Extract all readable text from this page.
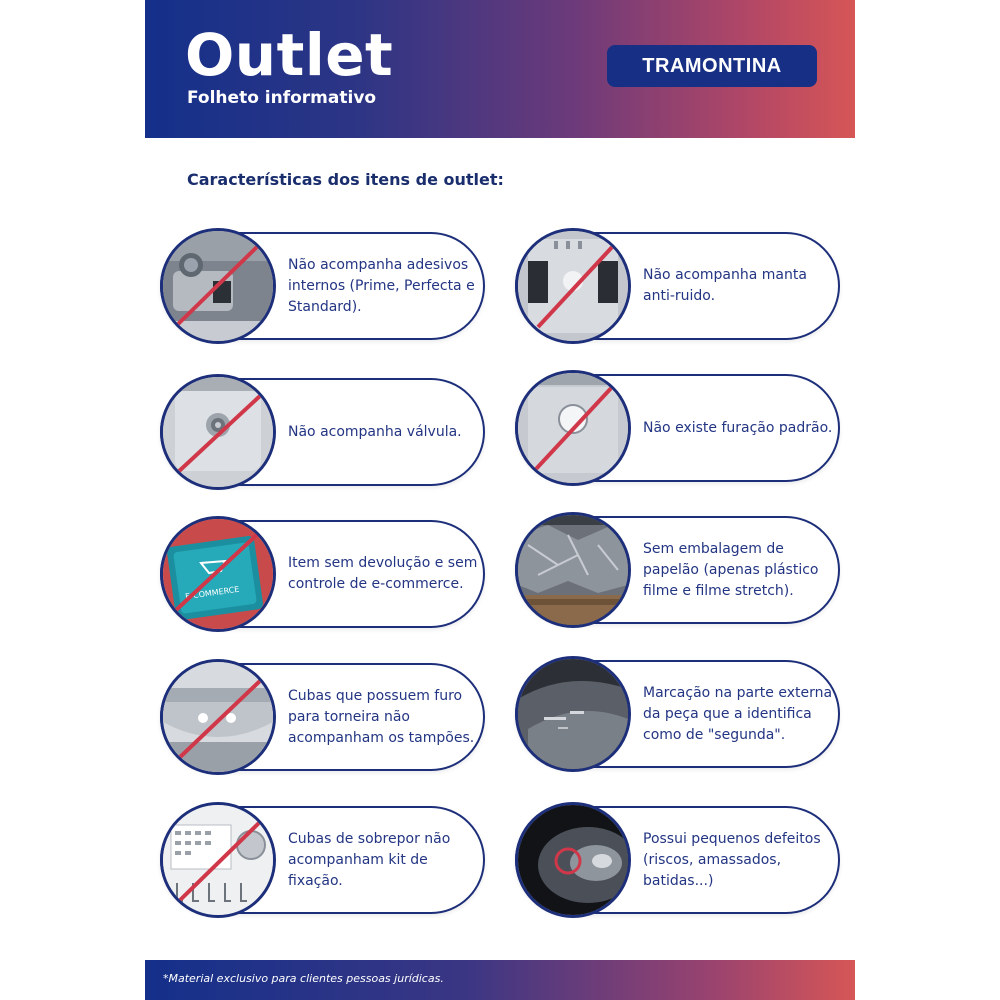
Outlet
Folheto informativo
TRAMONTINA
Características dos itens de outlet:
Não acompanha adesivos internos (Prime, Perfecta e Standard).
Não acompanha manta anti-ruido.
Não acompanha válvula.	Não existe furação padrão.
E-COMMERCE
Item sem devolução e sem controle de e-commerce.
Sem embalagem de papelão (apenas plástico filme e filme stretch).
Cubas que possuem furo para torneira não acompanham os tampões.
Marcação na parte externa da peça que a identifica como de "segunda".
Cubas de sobrepor não acompanham kit de fixação.
Possui pequenos defeitos (riscos, amassados, batidas...)
*Material exclusivo para clientes pessoas jurídicas.
